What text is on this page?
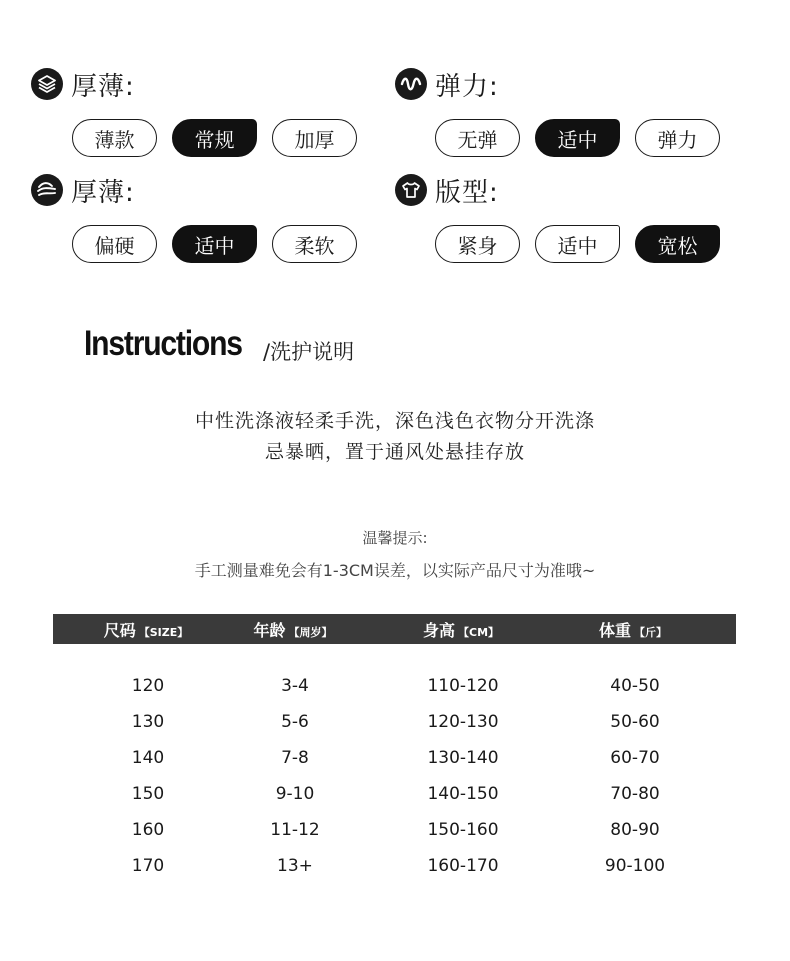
厚薄:
薄款	常规	加厚
弹力:
无弹	适中	弹力
厚薄:
偏硬	适中	柔软
版型:
紧身	适中	宽松
Instructions /洗护说明
中性洗涤液轻柔手洗，深色浅色衣物分开洗涤
忌暴晒，置于通风处悬挂存放
温馨提示:
手工测量难免会有1-3CM误差，以实际产品尺寸为准哦~
尺码 【SIZE】	年龄 【周岁】	身高 【CM】	体重 【斤】
120	3-4	110-120	40-50
130	5-6	120-130	50-60
140	7-8	130-140	60-70
150	9-10	140-150	70-80
160	11-12	150-160	80-90
170	13+	160-170	90-100
